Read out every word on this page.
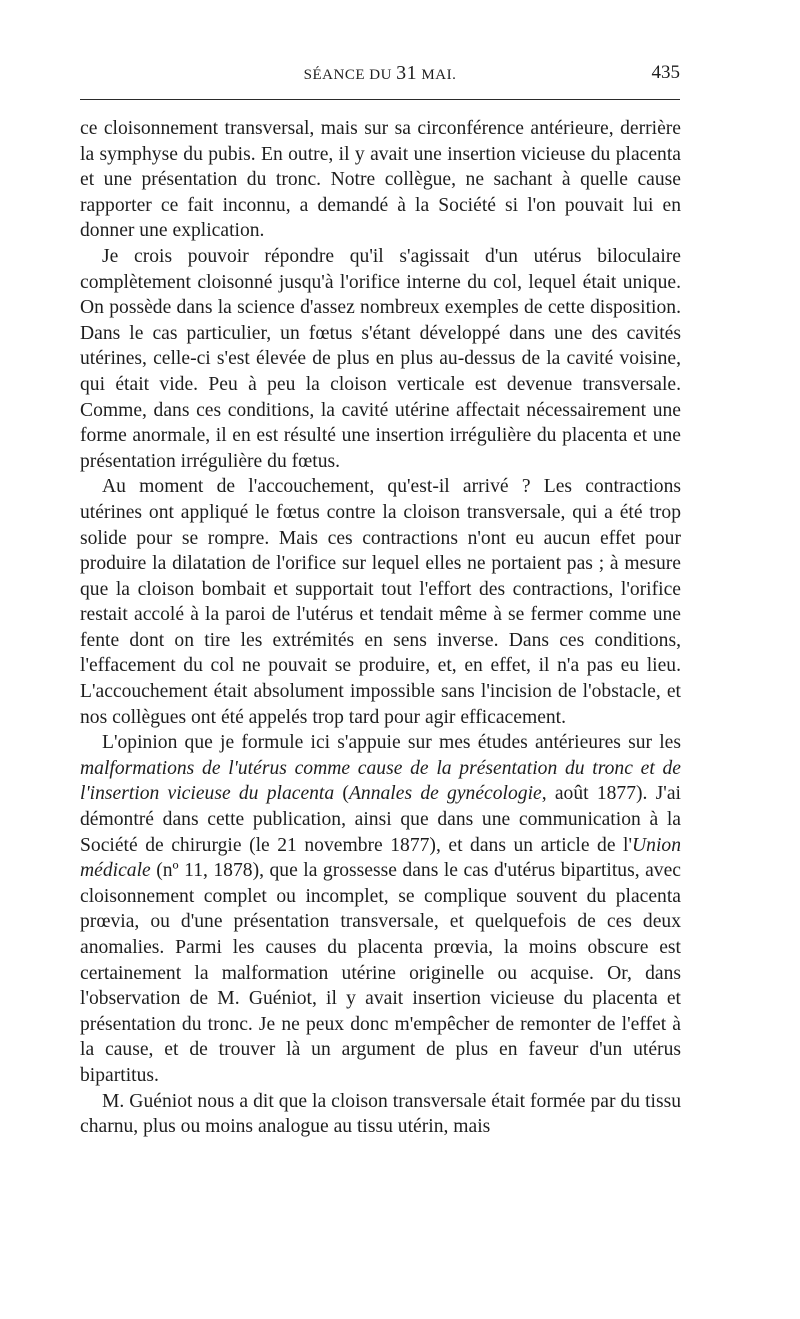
SÉANCE DU 31 MAI.	435

ce cloisonnement transversal, mais sur sa circonférence antérieure, derrière la symphyse du pubis. En outre, il y avait une insertion vicieuse du placenta et une présentation du tronc. Notre collègue, ne sachant à quelle cause rapporter ce fait inconnu, a demandé à la Société si l'on pouvait lui en donner une explication.

Je crois pouvoir répondre qu'il s'agissait d'un utérus biloculaire complètement cloisonné jusqu'à l'orifice interne du col, lequel était unique. On possède dans la science d'assez nombreux exemples de cette disposition. Dans le cas particulier, un fœtus s'étant développé dans une des cavités utérines, celle-ci s'est élevée de plus en plus au-dessus de la cavité voisine, qui était vide. Peu à peu la cloison verticale est devenue transversale. Comme, dans ces conditions, la cavité utérine affectait nécessairement une forme anormale, il en est résulté une insertion irrégulière du placenta et une présentation irrégulière du fœtus.

Au moment de l'accouchement, qu'est-il arrivé ? Les contractions utérines ont appliqué le fœtus contre la cloison transversale, qui a été trop solide pour se rompre. Mais ces contractions n'ont eu aucun effet pour produire la dilatation de l'orifice sur lequel elles ne portaient pas ; à mesure que la cloison bombait et supportait tout l'effort des contractions, l'orifice restait accolé à la paroi de l'utérus et tendait même à se fermer comme une fente dont on tire les extrémités en sens inverse. Dans ces conditions, l'effacement du col ne pouvait se produire, et, en effet, il n'a pas eu lieu. L'accouchement était absolument impossible sans l'incision de l'obstacle, et nos collègues ont été appelés trop tard pour agir efficacement.

L'opinion que je formule ici s'appuie sur mes études antérieures sur les malformations de l'utérus comme cause de la présentation du tronc et de l'insertion vicieuse du placenta (Annales de gynécologie, août 1877). J'ai démontré dans cette publication, ainsi que dans une communication à la Société de chirurgie (le 21 novembre 1877), et dans un article de l'Union médicale (nº 11, 1878), que la grossesse dans le cas d'utérus bipartitus, avec cloisonnement complet ou incomplet, se complique souvent du placenta prœvia, ou d'une présentation transversale, et quelquefois de ces deux anomalies. Parmi les causes du placenta prœvia, la moins obscure est certainement la malformation utérine originelle ou acquise. Or, dans l'observation de M. Guéniot, il y avait insertion vicieuse du placenta et présentation du tronc. Je ne peux donc m'empêcher de remonter de l'effet à la cause, et de trouver là un argument de plus en faveur d'un utérus bipartitus.

M. Guéniot nous a dit que la cloison transversale était formée par du tissu charnu, plus ou moins analogue au tissu utérin, mais
